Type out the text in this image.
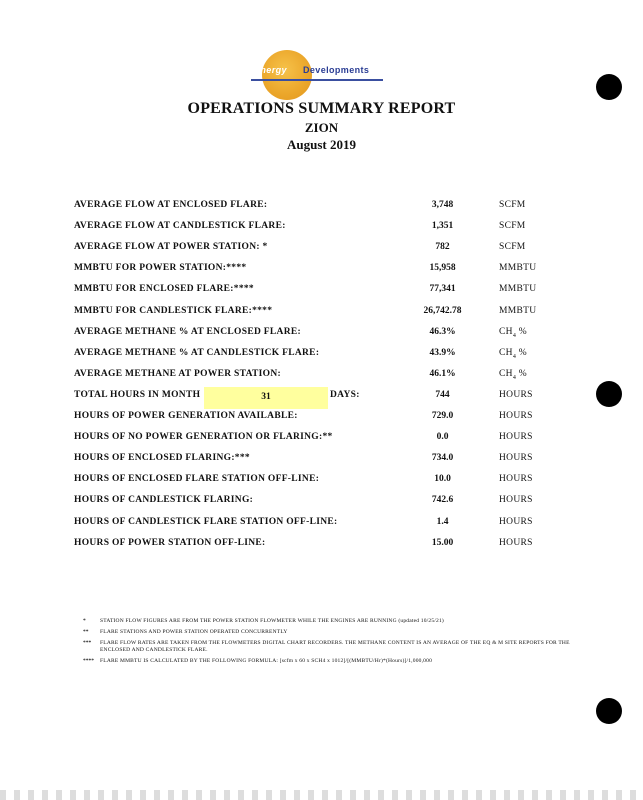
Energy Developments
OPERATIONS SUMMARY REPORT
ZION
August 2019
AVERAGE FLOW AT ENCLOSED FLARE:	3,748	SCFM
AVERAGE FLOW AT CANDLESTICK FLARE:	1,351	SCFM
AVERAGE FLOW AT POWER STATION: *	782	SCFM
MMBTU FOR POWER STATION:****	15,958	MMBTU
MMBTU FOR ENCLOSED FLARE:****	77,341	MMBTU
MMBTU FOR CANDLESTICK FLARE:****	26,742.78	MMBTU
AVERAGE METHANE % AT ENCLOSED FLARE:	46.3%	$CH_4$ %
AVERAGE METHANE % AT CANDLESTICK FLARE:	43.9%	$CH_4$ %
AVERAGE METHANE AT POWER STATION:	46.1%	$CH_4$ %
TOTAL HOURS IN MONTH	31	DAYS:	744	HOURS
HOURS OF POWER GENERATION AVAILABLE:	729.0	HOURS
HOURS OF NO POWER GENERATION OR FLARING:**	0.0	HOURS
HOURS OF ENCLOSED FLARING:***	734.0	HOURS
HOURS OF ENCLOSED FLARE STATION OFF-LINE:	10.0	HOURS
HOURS OF CANDLESTICK FLARING:	742.6	HOURS
HOURS OF CANDLESTICK FLARE STATION OFF-LINE:	1.4	HOURS
HOURS OF POWER STATION OFF-LINE:	15.00	HOURS
*	STATION FLOW FIGURES ARE FROM THE POWER STATION FLOWMETER WHILE THE ENGINES ARE RUNNING (updated 10/25/21)
** FLARE STATIONS AND POWER STATION OPERATED CONCURRENTLY
*** FLARE FLOW RATES ARE TAKEN FROM THE FLOWMETERS DIGITAL CHART RECORDERS. THE METHANE CONTENT IS AN AVERAGE OF THE EQ & M SITE REPORTS FOR THE ENCLOSED AND CANDLESTICK FLARE.
**** FLARE MMBTU IS CALCULATED BY THE FOLLOWING FORMULA: [scfm x 60 x SCH4 x 1012]/[(MMBTU/Hr)*(Hours)]/1,000,000
